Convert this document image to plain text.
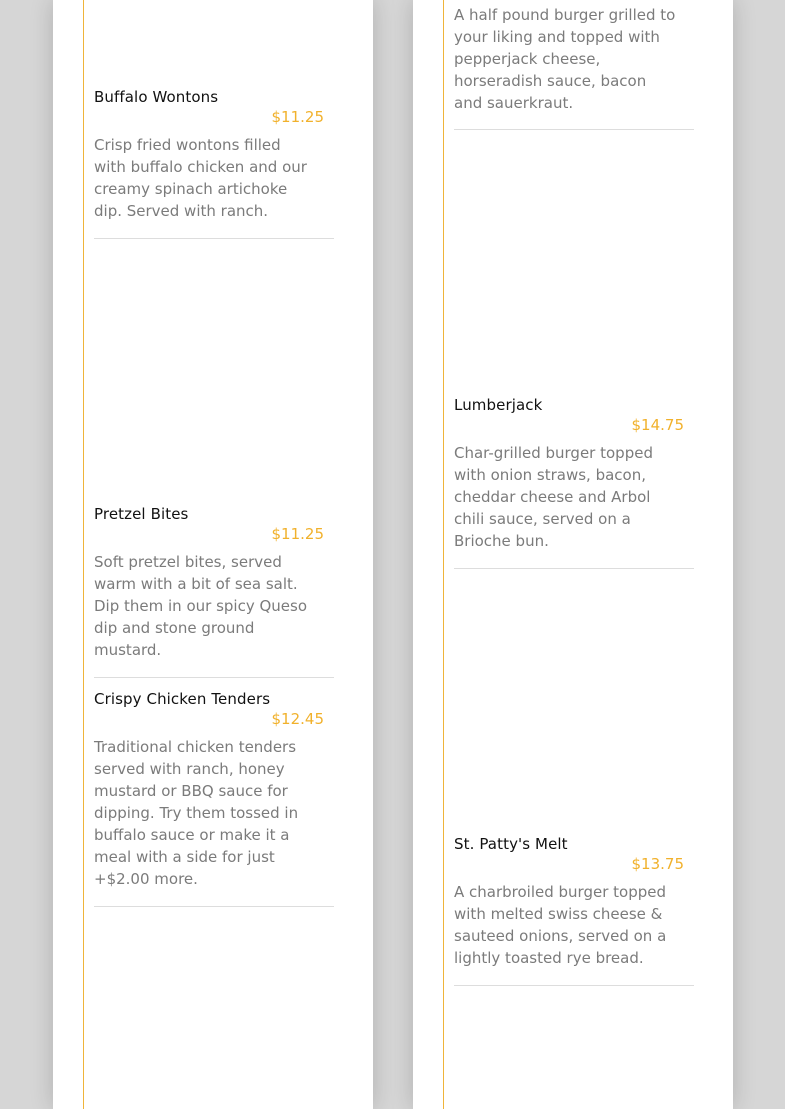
Buffalo Wontons
$11.25
Crisp fried wontons filled with buffalo chicken and our creamy spinach artichoke dip. Served with ranch.
Pretzel Bites
$11.25
Soft pretzel bites, served warm with a bit of sea salt. Dip them in our spicy Queso dip and stone ground mustard.
Crispy Chicken Tenders
$12.45
Traditional chicken tenders served with ranch, honey mustard or BBQ sauce for dipping. Try them tossed in buffalo sauce or make it a meal with a side for just +$2.00 more.
A half pound burger grilled to your liking and topped with pepperjack cheese, horseradish sauce, bacon and sauerkraut.
Lumberjack
$14.75
Char-grilled burger topped with onion straws, bacon, cheddar cheese and Arbol chili sauce, served on a Brioche bun.
St. Patty's Melt
$13.75
A charbroiled burger topped with melted swiss cheese & sauteed onions, served on a lightly toasted rye bread.
